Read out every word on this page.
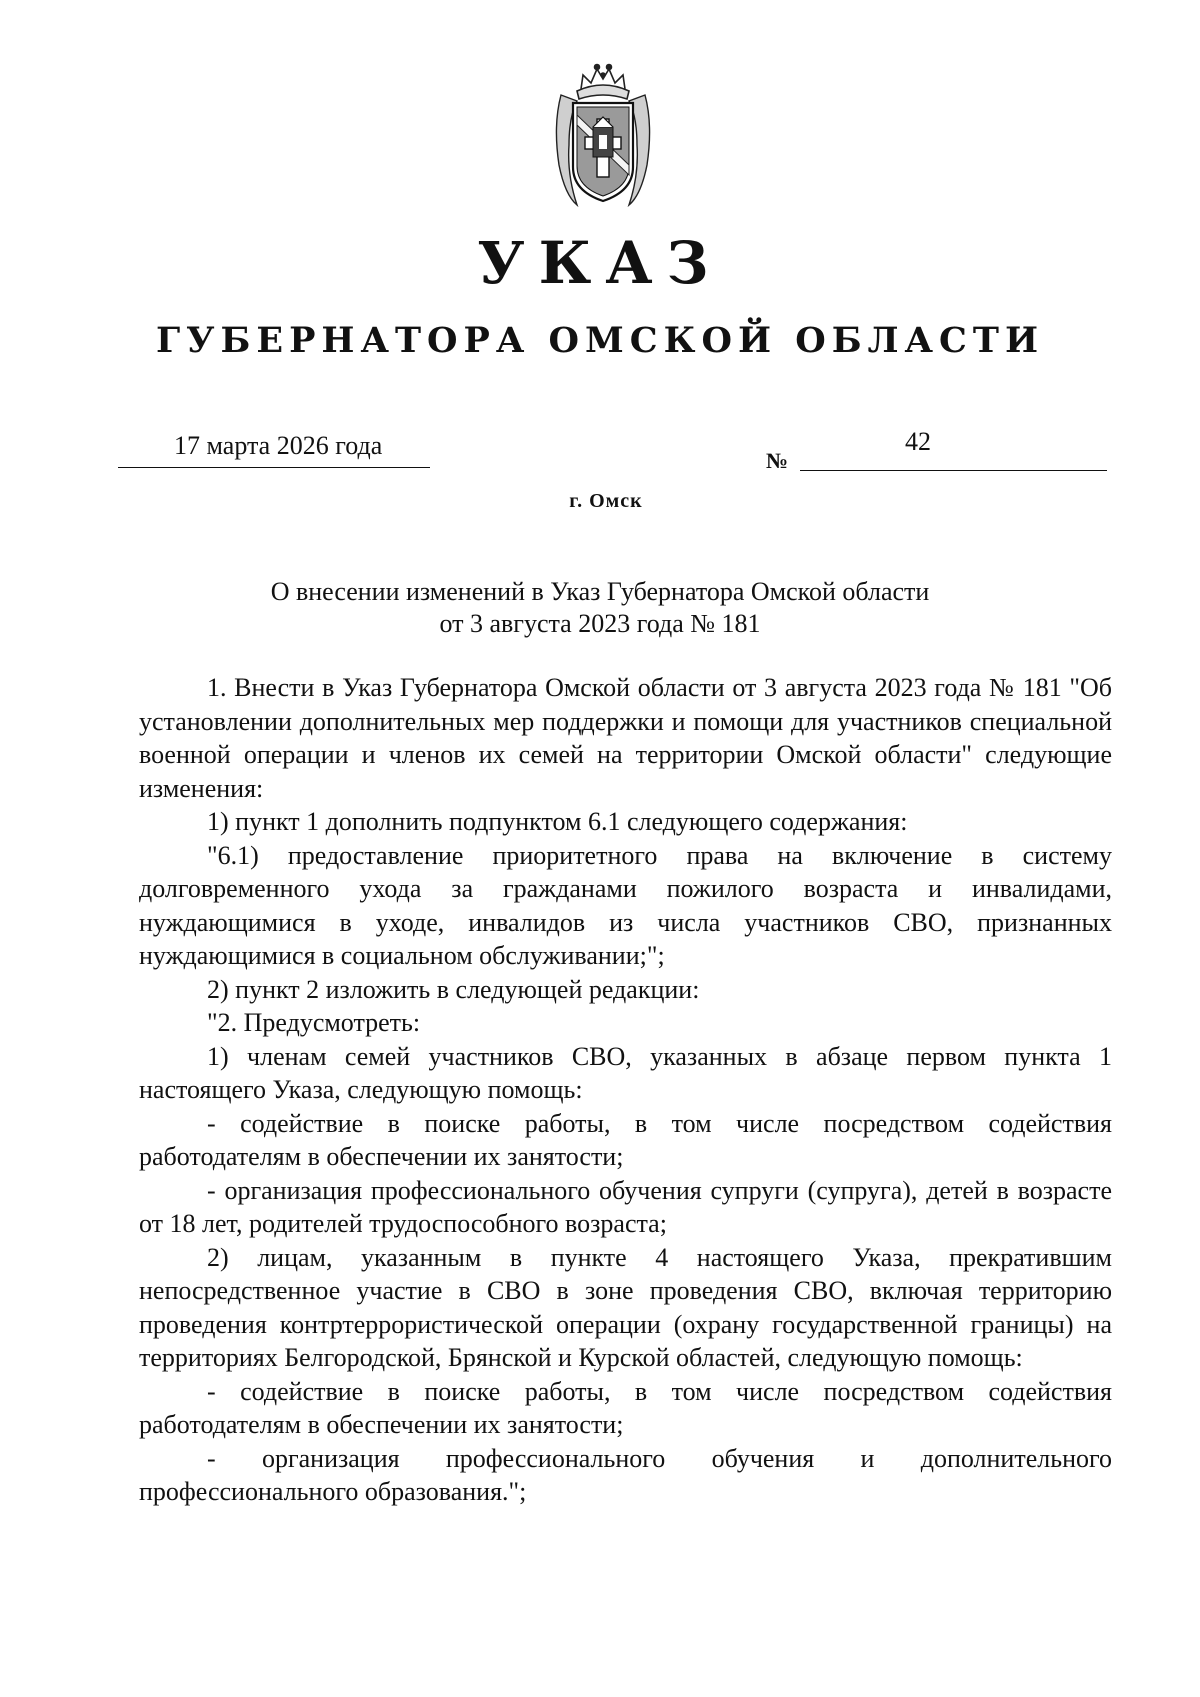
УКАЗ
ГУБЕРНАТОРА ОМСКОЙ ОБЛАСТИ
17 марта 2026 года
№
42
г. Омск
О внесении изменений в Указ Губернатора Омской области
от 3 августа 2023 года № 181

1. Внести в Указ Губернатора Омской области от 3 августа 2023 года № 181 "Об установлении дополнительных мер поддержки и помощи для участников специальной военной операции и членов их семей на территории Омской области" следующие изменения:

1) пункт 1 дополнить подпунктом 6.1 следующего содержания:

"6.1) предоставление приоритетного права на включение в систему долговременного ухода за гражданами пожилого возраста и инвалидами, нуждающимися в уходе, инвалидов из числа участников СВО, признанных нуждающимися в социальном обслуживании;";

2) пункт 2 изложить в следующей редакции:

"2. Предусмотреть:

1) членам семей участников СВО, указанных в абзаце первом пункта 1 настоящего Указа, следующую помощь:

- содействие в поиске работы, в том числе посредством содействия работодателям в обеспечении их занятости;

- организация профессионального обучения супруги (супруга), детей в возрасте от 18 лет, родителей трудоспособного возраста;

2) лицам, указанным в пункте 4 настоящего Указа, прекратившим непосредственное участие в СВО в зоне проведения СВО, включая территорию проведения контртеррористической операции (охрану государственной границы) на территориях Белгородской, Брянской и Курской областей, следующую помощь:

- содействие в поиске работы, в том числе посредством содействия работодателям в обеспечении их занятости;

- организация профессионального обучения и дополнительного профессионального образования.";
